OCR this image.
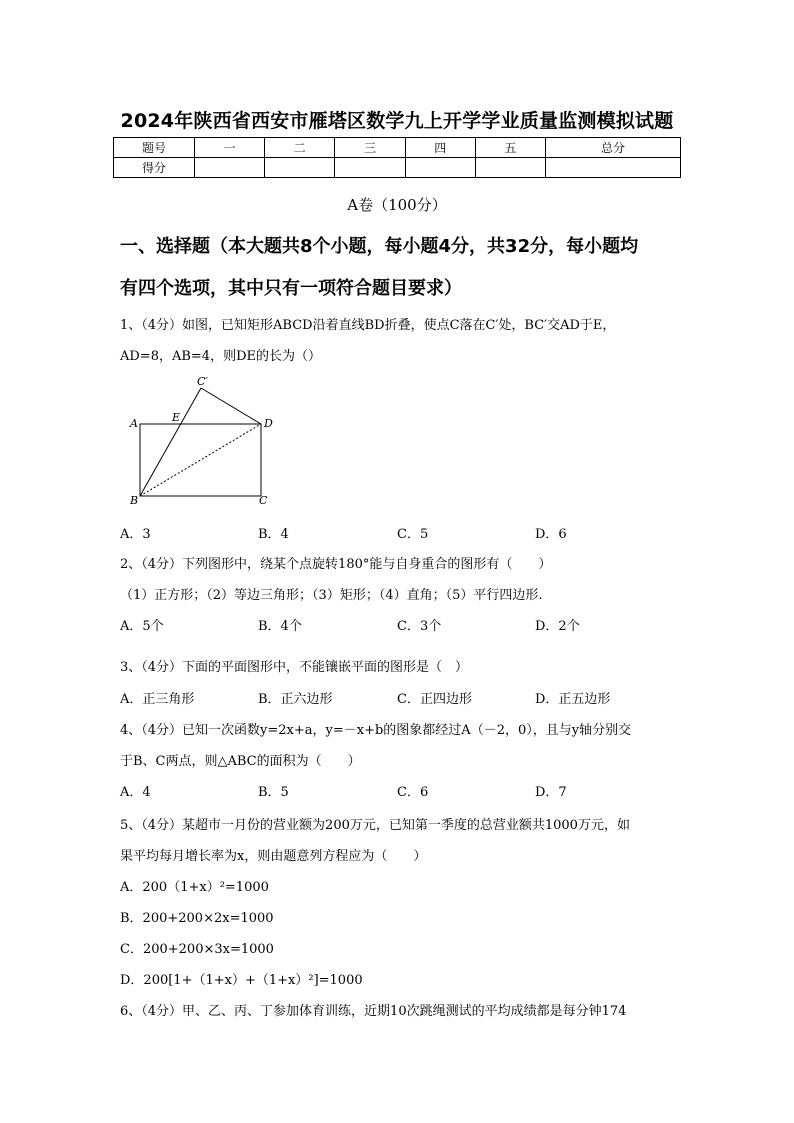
2024年陕西省西安市雁塔区数学九上开学学业质量监测模拟试题
题号	一	二	三	四	五	总分
得分						
A卷（100分）
一、选择题（本大题共8个小题，每小题4分，共32分，每小题均
有四个选项，其中只有一项符合题目要求）
1、（4分）如图，已知矩形ABCD沿着直线BD折叠，使点C落在C′处，BC′交AD于E，
AD=8，AB=4，则DE的长为（）
C′
E
A	D
B	C
A．3	B．4	C．5	D．6
2、（4分）下列图形中，绕某个点旋转180°能与自身重合的图形有（　　）
（1）正方形；（2）等边三角形；（3）矩形；（4）直角；（5）平行四边形.
A．5个	B．4个	C．3个	D．2个
3、（4分）下面的平面图形中，不能镶嵌平面的图形是（　）
A．正三角形	B．正六边形	C．正四边形	D．正五边形
4、（4分）已知一次函数y=2x+a，y=－x+b的图象都经过A（－2，0），且与y轴分别交
于B、C两点，则△ABC的面积为（　　）
A．4	B．5	C．6	D．7
5、（4分）某超市一月份的营业额为200万元，已知第一季度的总营业额共1000万元，如
果平均每月增长率为x，则由题意列方程应为（　　）
A．200（1+x）²=1000
B．200+200×2x=1000
C．200+200×3x=1000
D．200[1+（1+x）+（1+x）²]=1000
6、（4分）甲、乙、丙、丁参加体育训练，近期10次跳绳测试的平均成绩都是每分钟174
